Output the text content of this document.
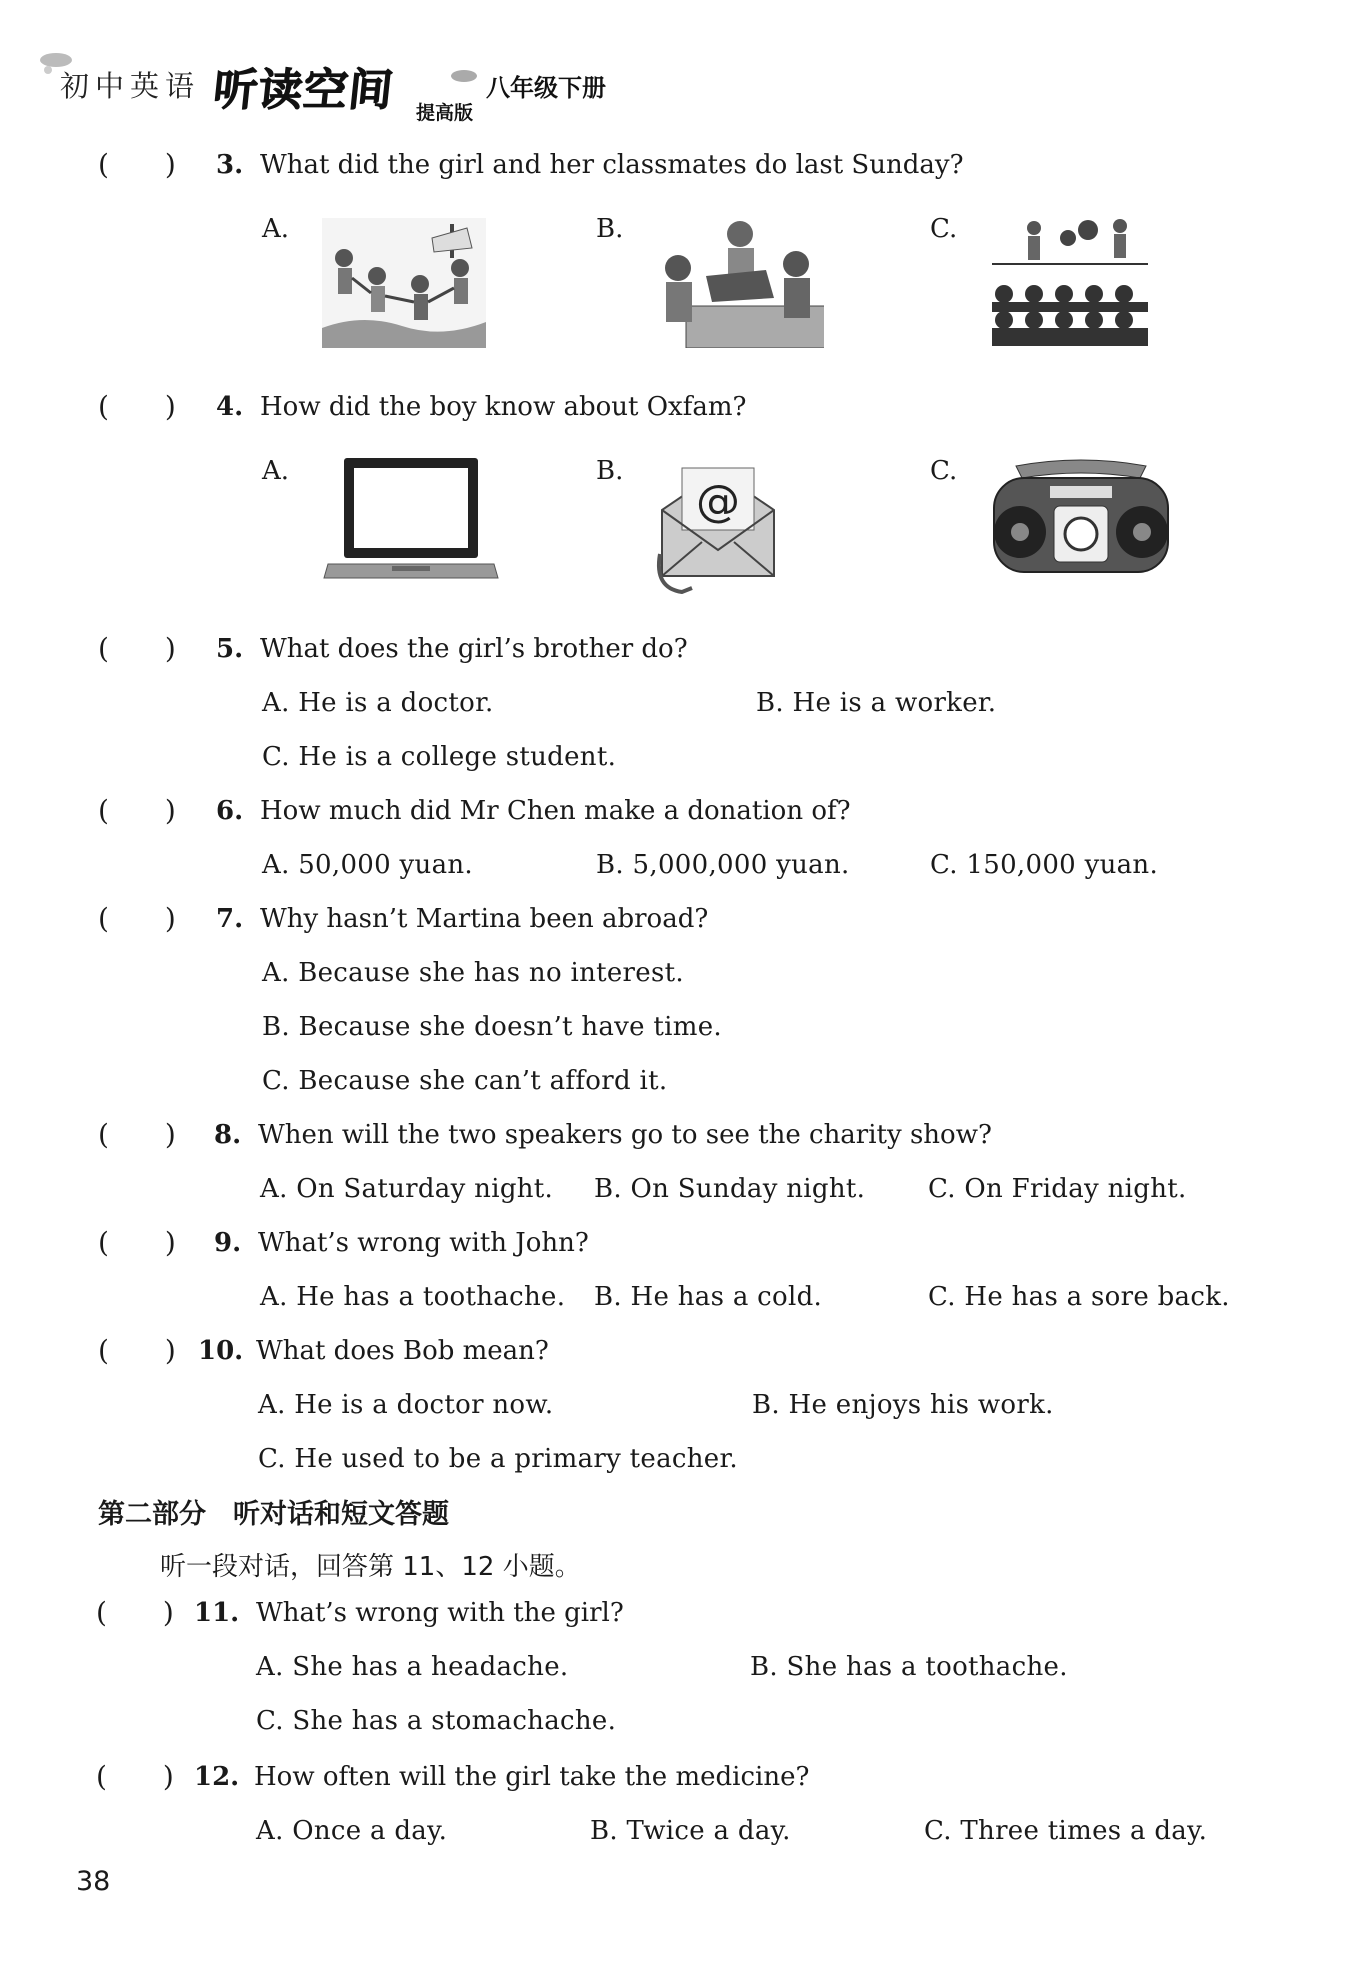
初中英语 听读空间 提高版
八年级下册
(  ) 3. What did the girl and her classmates do last Sunday?
A.	B.	C.
(  ) 4. How did the boy know about Oxfam?
A.	B.
@
C.
(  ) 5. What does the girl’s brother do?
A. He is a doctor.	B. He is a worker.
C. He is a college student.
(  ) 6. How much did Mr Chen make a donation of?
A. 50,000 yuan.	B. 5,000,000 yuan.	C. 150,000 yuan.
(  ) 7. Why hasn’t Martina been abroad?
A. Because she has no interest.
B. Because she doesn’t have time.
C. Because she can’t afford it.
(  ) 8. When will the two speakers go to see the charity show?
A. On Saturday night. B. On Sunday night. C. On Friday night.
(  ) 9. What’s wrong with John?
A. He has a toothache. B. He has a cold.	C. He has a sore back.
(  ) 10. What does Bob mean?
A. He is a doctor now.	B. He enjoys his work.
C. He used to be a primary teacher.
第二部分 听对话和短文答题
听一段对话，回答第 11、12 小题。
(  ) 11. What’s wrong with the girl?
A. She has a headache.	B. She has a toothache.
C. She has a stomachache.
(  ) 12. How often will the girl take the medicine?
A. Once a day.	B. Twice a day.	C. Three times a day.
38
